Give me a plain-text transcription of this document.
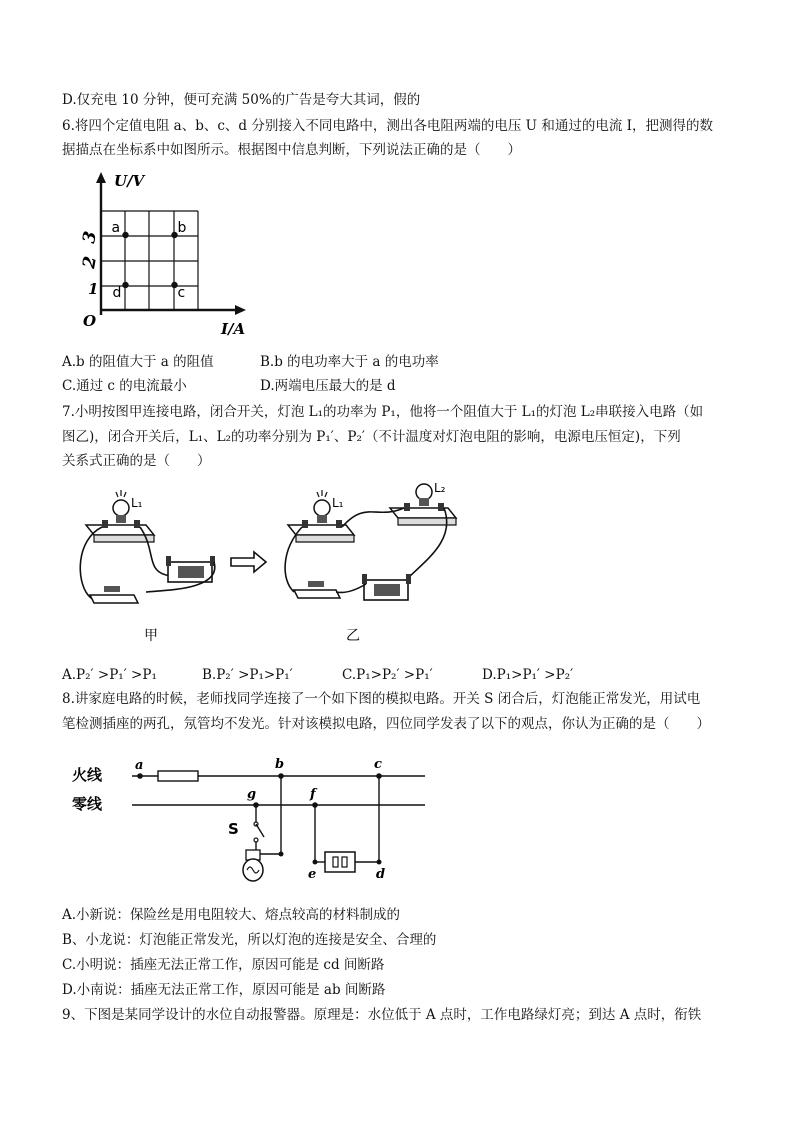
D.仅充电 10 分钟，便可充满 50%的广告是夸大其词，假的
6.将四个定值电阻 a、b、c、d 分别接入不同电路中，测出各电阻两端的电压 U 和通过的电流 I，把测得的数
据描点在坐标系中如图所示。根据图中信息判断，下列说法正确的是（　　）
a	b
c
d
U/V
I/A
O
3
2
1
A.b 的阻值大于 a 的阻值	B.b 的电功率大于 a 的电功率
C.通过 c 的电流最小	D.两端电压最大的是 d
7.小明按图甲连接电路，闭合开关，灯泡 L₁的功率为 P₁，他将一个阻值大于 L₁的灯泡 L₂串联接入电路（如
图乙)，闭合开关后，L₁、L₂的功率分别为 P₁′、P₂′（不计温度对灯泡电阻的影响，电源电压恒定)，下列
关系式正确的是（　　）
L₁	L₁
L₂
甲	乙
A.P₂′ >P₁′ >P₁	B.P₂′ >P₁>P₁′	C.P₁>P₂′ >P₁′	D.P₁>P₁′ >P₂′
8.讲家庭电路的时候，老师找同学连接了一个如下图的模拟电路。开关 S 闭合后，灯泡能正常发光，用试电
笔检测插座的两孔，氖管均不发光。针对该模拟电路，四位同学发表了以下的观点，你认为正确的是（　　）
火线
零线
a	b	c
g	f
e	d
S
A.小新说：保险丝是用电阻较大、熔点较高的材料制成的
B、小龙说：灯泡能正常发光，所以灯泡的连接是安全、合理的
C.小明说：插座无法正常工作，原因可能是 cd 间断路
D.小南说：插座无法正常工作，原因可能是 ab 间断路
9、下图是某同学设计的水位自动报警器。原理是：水位低于 A 点时，工作电路绿灯亮；到达 A 点时，衔铁
